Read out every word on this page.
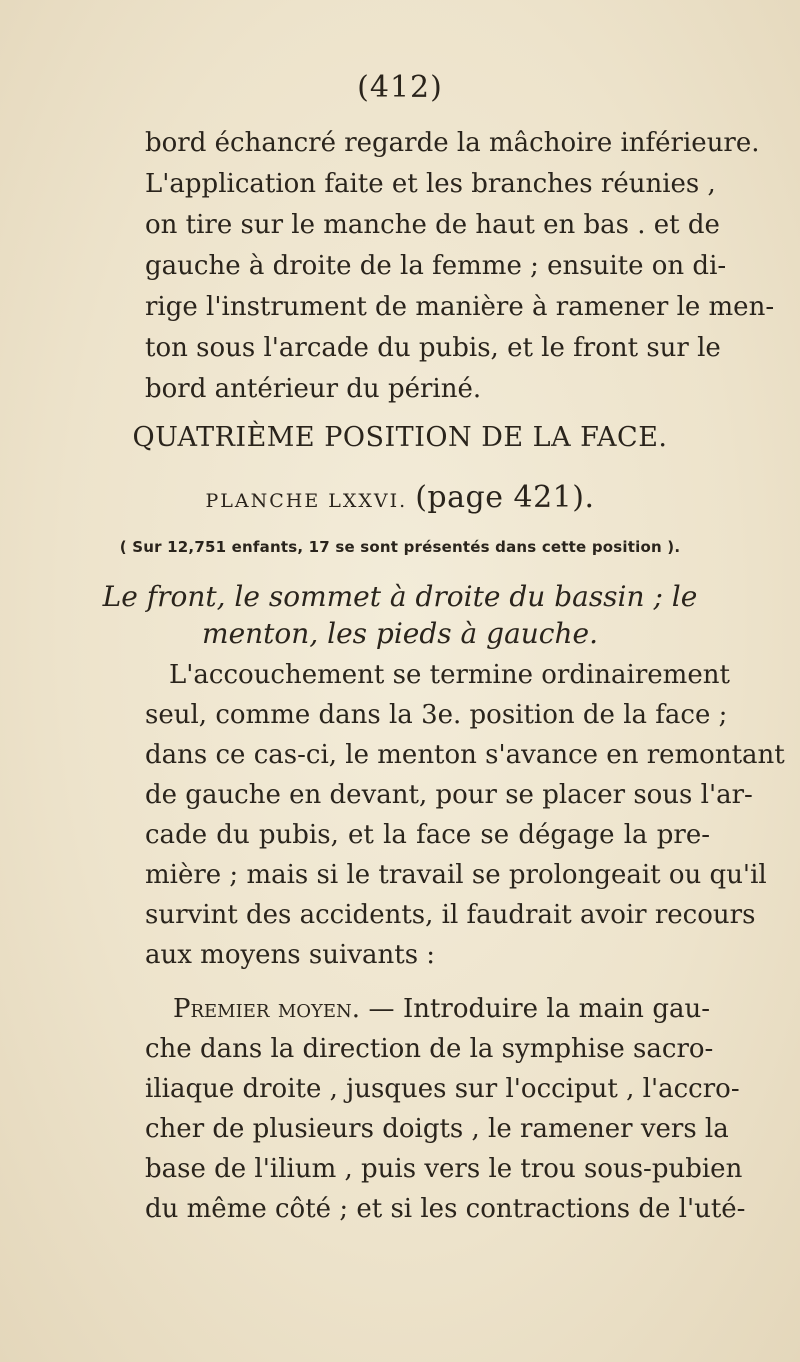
(412)
bord échancré regarde la mâchoire inférieure.
L'application faite et les branches réunies ,
on tire sur le manche de haut en bas . et de
gauche à droite de la femme ; ensuite on di-
rige l'instrument de manière à ramener le men-
ton sous l'arcade du pubis, et le front sur le
bord antérieur du périné.
QUATRIÈME POSITION DE LA FACE.
PLANCHE LXXVI. (page 421).
( Sur 12,751 enfants, 17 se sont présentés dans cette position ).
Le front, le sommet à droite du bassin ; le
menton, les pieds à gauche.
L'accouchement se termine ordinairement
seul, comme dans la 3e. position de la face ;
dans ce cas-ci, le menton s'avance en remontant
de gauche en devant, pour se placer sous l'ar-
cade du pubis, et la face se dégage la pre-
mière ; mais si le travail se prolongeait ou qu'il
survint des accidents, il faudrait avoir recours
aux moyens suivants :
Premier moyen. — Introduire la main gau-
che dans la direction de la symphise sacro-
iliaque droite , jusques sur l'occiput , l'accro-
cher de plusieurs doigts , le ramener vers la
base de l'ilium , puis vers le trou sous-pubien
du même côté ; et si les contractions de l'uté-
